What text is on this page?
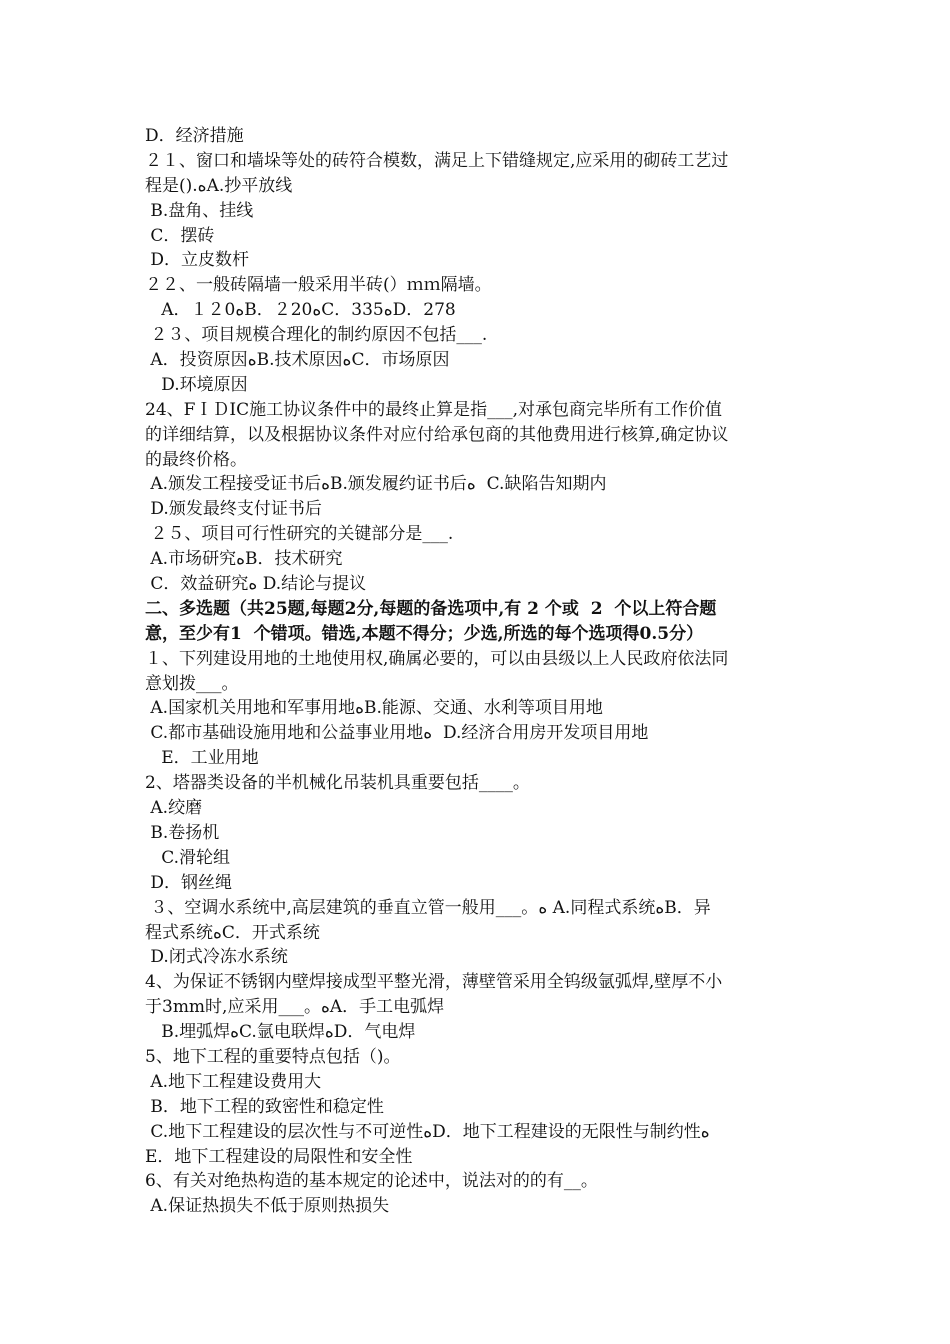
D．经济措施
２１、窗口和墙垛等处的砖符合模数，满足上下错缝规定,应采用的砌砖工艺过
程是().ﻩA.抄平放线
B.盘角、挂线
C．摆砖
D．立皮数杆
２２、一般砖隔墙一般采用半砖(）ｍｍ隔墙。
A．１２0ﻩB．２20ﻩC．335ﻩD．278
２３、项目规模合理化的制约原因不包括___.
A．投资原因ﻩB.技术原因ﻩC．市场原因
D.环境原因
24、FＩＤIC施工协议条件中的最终止算是指___,对承包商完毕所有工作价值
的详细结算，以及根据协议条件对应付给承包商的其他费用进行核算,确定协议
的最终价格。
A.颁发工程接受证书后ﻩB.颁发履约证书后ﻩ  C.缺陷告知期内
D.颁发最终支付证书后
２５、项目可行性研究的关键部分是___.
A.市场研究ﻩB．技术研究
C．效益研究ﻩ D.结论与提议
二、多选题（共25题,每题2分,每题的备选项中,有 2 个或  2  个以上符合题
意，至少有1  个错项。错选,本题不得分；少选,所选的每个选项得0.5分）
１、下列建设用地的土地使用权,确属必要的，可以由县级以上人民政府依法同
意划拨___。
A.国家机关用地和军事用地ﻩB.能源、交通、水利等项目用地
C.都市基础设施用地和公益事业用地ﻩ  D.经济合用房开发项目用地
E．工业用地
2、塔器类设备的半机械化吊装机具重要包括____。
A.绞磨
B.卷扬机
C.滑轮组
D．钢丝绳
３、空调水系统中,高层建筑的垂直立管一般用___。ﻩ A.同程式系统ﻩB．异
程式系统ﻩC．开式系统
D.闭式冷冻水系统
4、为保证不锈钢内壁焊接成型平整光滑，薄壁管采用全钨级氩弧焊,壁厚不小
于3mm时,应采用___。ﻩA．手工电弧焊
B.埋弧焊ﻩC.氩电联焊ﻩD．气电焊
5、地下工程的重要特点包括（)。
A.地下工程建设费用大
B．地下工程的致密性和稳定性
C.地下工程建设的层次性与不可逆性ﻩD．地下工程建设的无限性与制约性ﻩ
E．地下工程建设的局限性和安全性
6、有关对绝热构造的基本规定的论述中，说法对的的有__。
A.保证热损失不低于原则热损失
